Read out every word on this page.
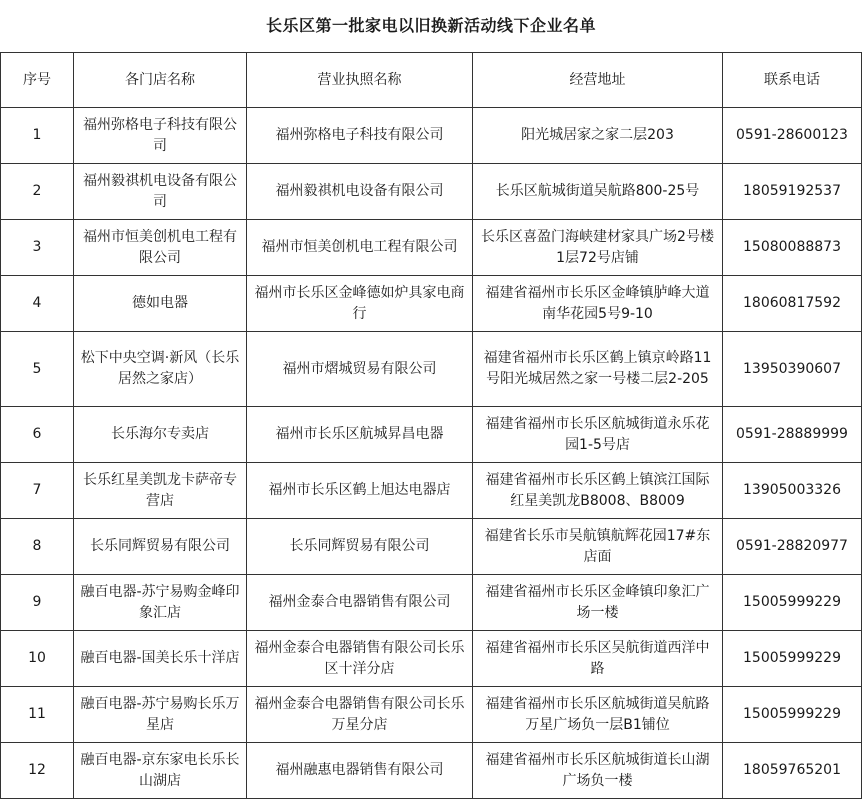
长乐区第一批家电以旧换新活动线下企业名单
序号	各门店名称	营业执照名称	经营地址	联系电话
1	福州弥格电子科技有限公司	福州弥格电子科技有限公司	阳光城居家之家二层203	0591-28600123
2	福州毅祺机电设备有限公司	福州毅祺机电设备有限公司	长乐区航城街道吴航路800-25号	18059192537
3	福州市恒美创机电工程有限公司	福州市恒美创机电工程有限公司	长乐区喜盈门海峡建材家具广场2号楼1层72号店铺	15080088873
4	德如电器	福州市长乐区金峰德如炉具家电商行	福建省福州市长乐区金峰镇胪峰大道南华花园5号9-10	18060817592
5	松下中央空调·新风（长乐居然之家店）	福州市熠城贸易有限公司	福建省福州市长乐区鹤上镇京岭路11号阳光城居然之家一号楼二层2-205	13950390607
6	长乐海尔专卖店	福州市长乐区航城昇昌电器	福建省福州市长乐区航城街道永乐花园1-5号店	0591-28889999
7	长乐红星美凯龙卡萨帝专营店	福州市长乐区鹤上旭达电器店	福建省福州市长乐区鹤上镇滨江国际红星美凯龙B8008、B8009	13905003326
8	长乐同辉贸易有限公司	长乐同辉贸易有限公司	福建省长乐市吴航镇航辉花园17#东店面	0591-28820977
9	融百电器-苏宁易购金峰印象汇店	福州金泰合电器销售有限公司	福建省福州市长乐区金峰镇印象汇广场一楼	15005999229
10	融百电器-国美长乐十洋店	福州金泰合电器销售有限公司长乐区十洋分店	福建省福州市长乐区吴航街道西洋中路	15005999229
11	融百电器-苏宁易购长乐万星店	福州金泰合电器销售有限公司长乐万星分店	福建省福州市长乐区航城街道吴航路万星广场负一层B1铺位	15005999229
12	融百电器-京东家电长乐长山湖店	福州融惠电器销售有限公司	福建省福州市长乐区航城街道长山湖广场负一楼	18059765201
